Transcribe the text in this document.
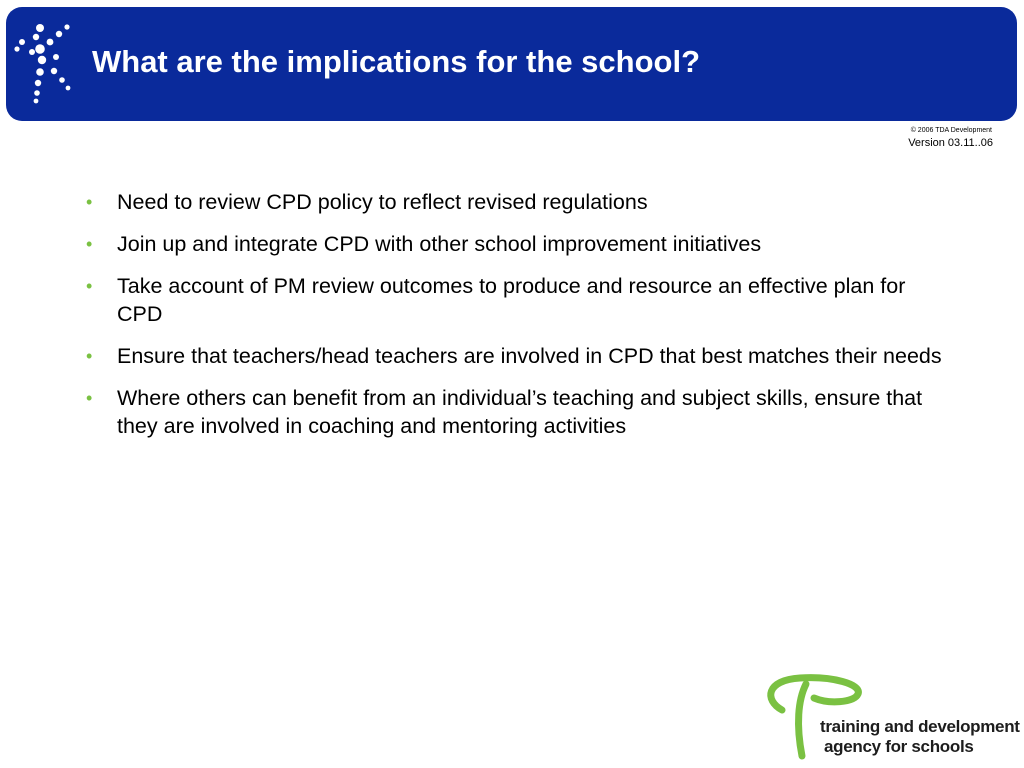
What are the implications for the school?
© 2006 TDA Development
Version 03.11..06
• Need to review CPD policy to reflect revised regulations
• Join up and integrate CPD with other school improvement initiatives
• Take account of PM review outcomes to produce and resource an effective plan for CPD
• Ensure that teachers/head teachers are involved in CPD that best matches their needs
• Where others can benefit from an individual’s teaching and subject skills, ensure that they are involved in coaching and mentoring activities
training and development
agency for schools
